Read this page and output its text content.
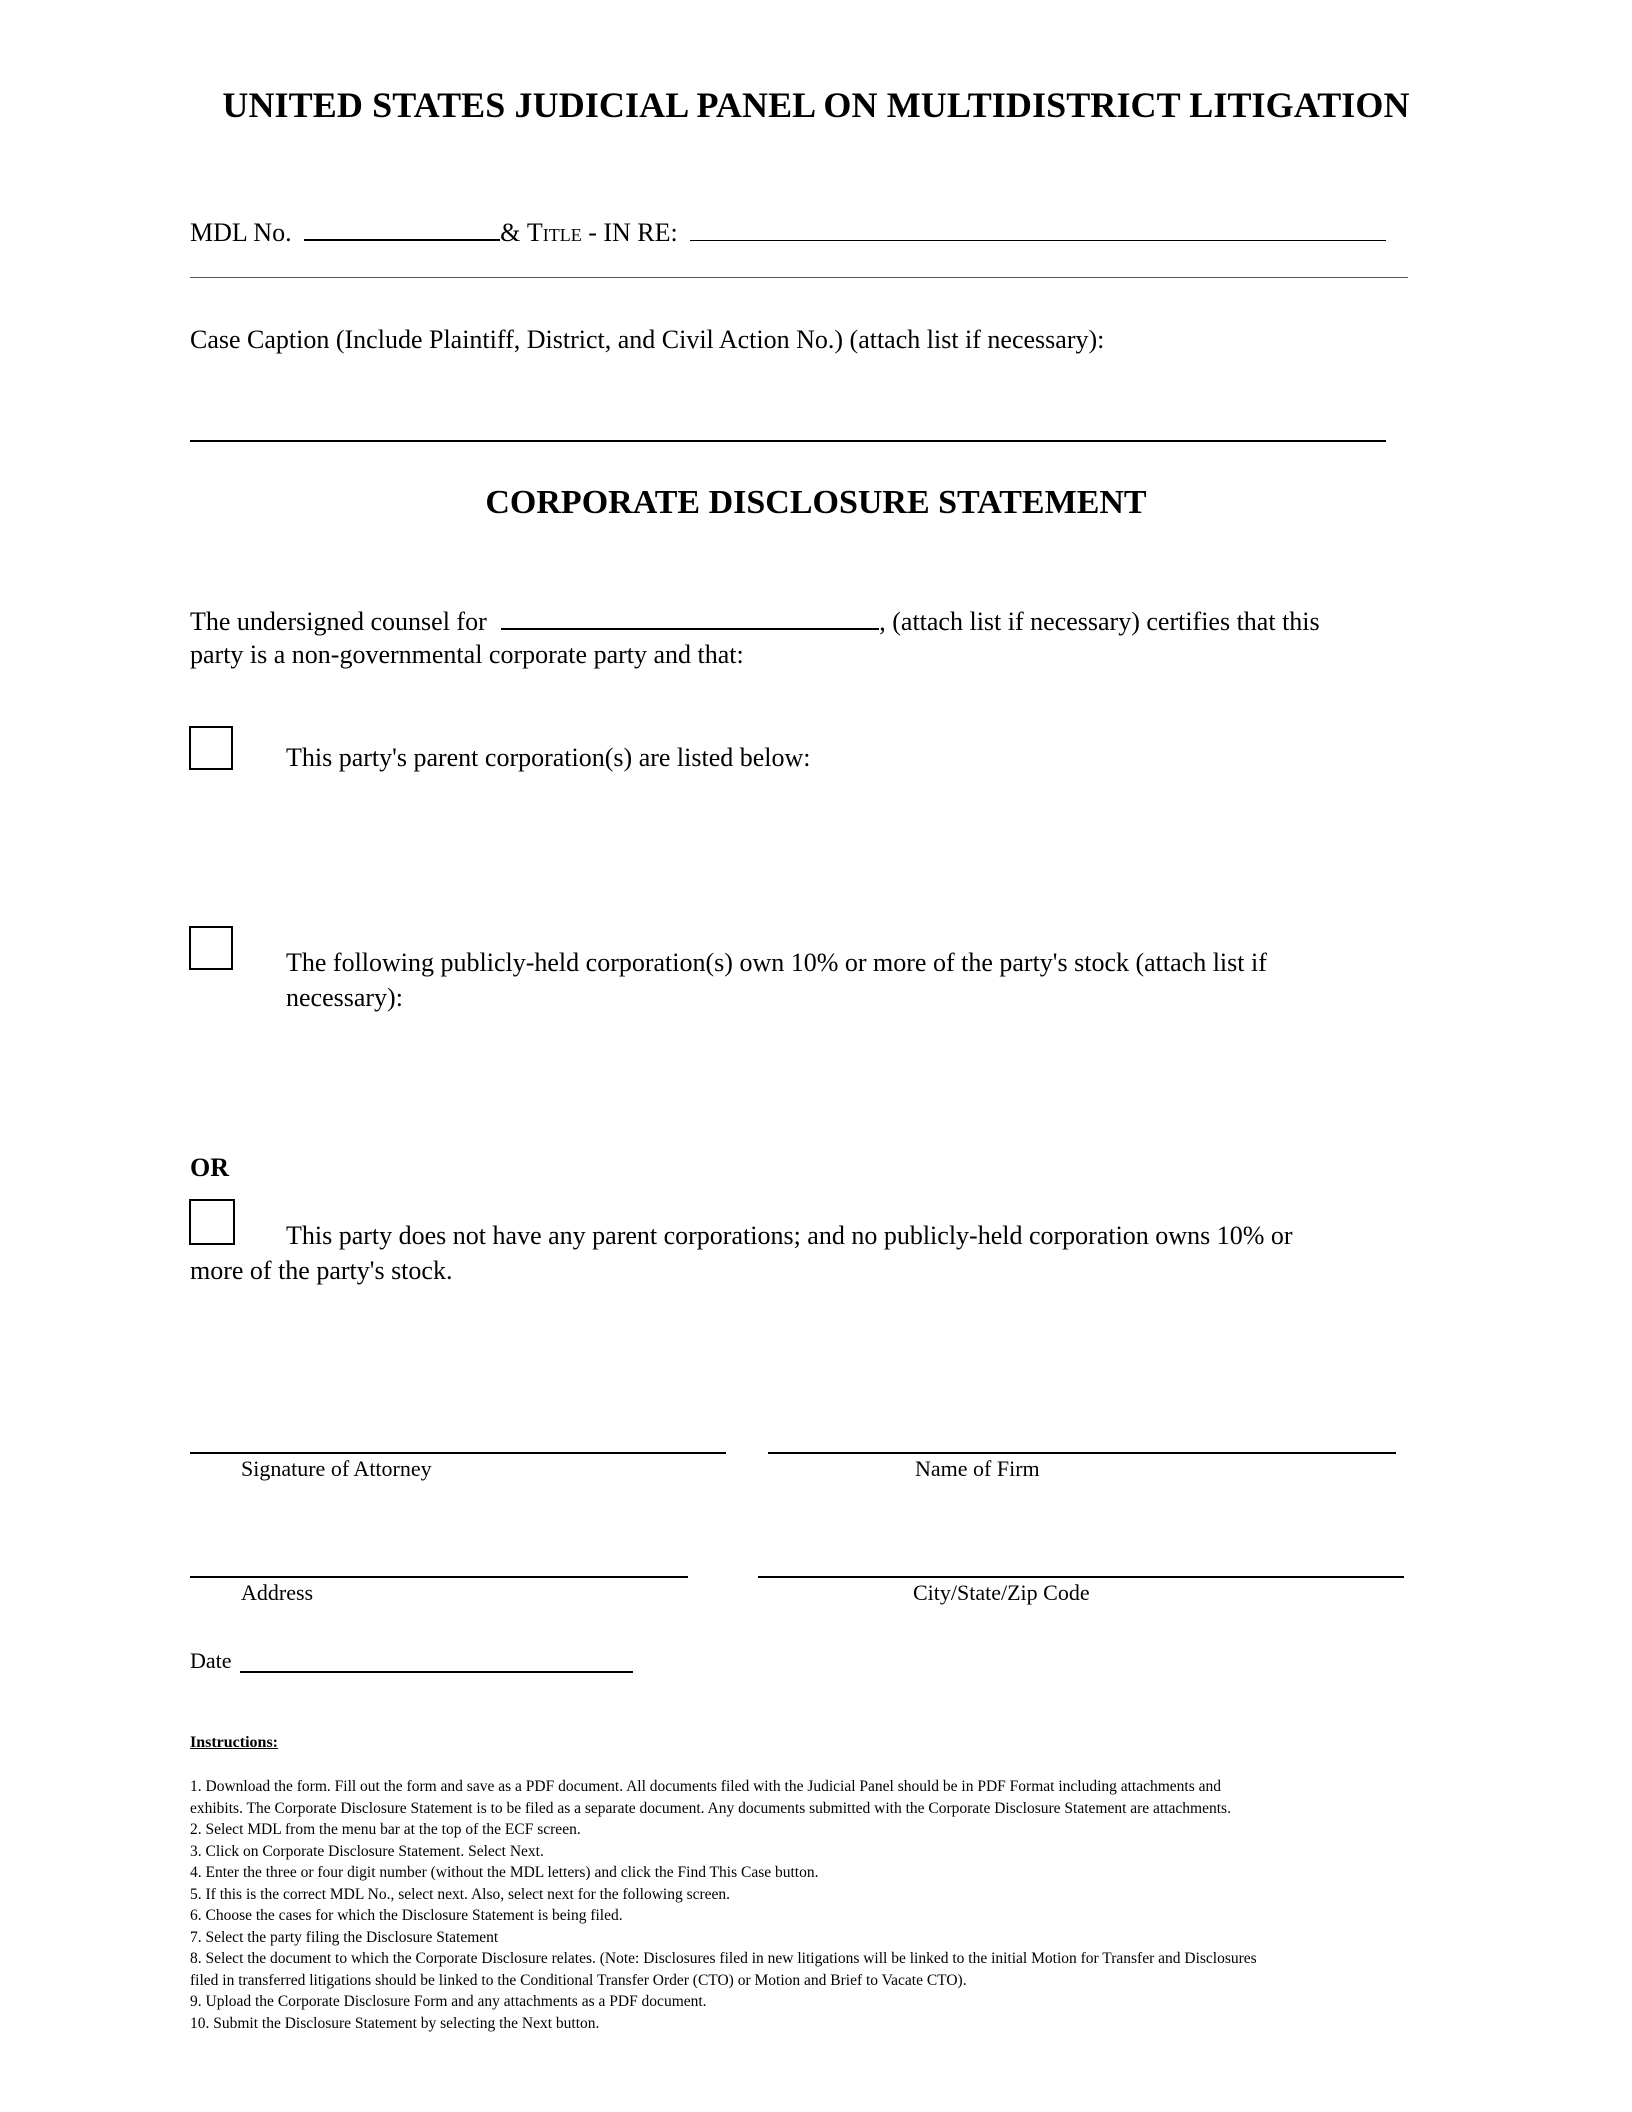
UNITED STATES JUDICIAL PANEL ON MULTIDISTRICT LITIGATION
MDL No.	& Title - IN RE:
Case Caption (Include Plaintiff, District, and Civil Action No.) (attach list if necessary):
CORPORATE DISCLOSURE STATEMENT
The undersigned counsel for	, (attach list if necessary) certifies that this
party is a non-governmental corporate party and that:
This party's parent corporation(s) are listed below:
The following publicly-held corporation(s) own 10% or more of the party's stock (attach list if
necessary):
OR
This party does not have any parent corporations; and no publicly-held corporation owns 10% or
more of the party's stock.
Signature of Attorney	Name of Firm
Address	City/State/Zip Code
Date
Instructions:
1. Download the form. Fill out the form and save as a PDF document. All documents filed with the Judicial Panel should be in PDF Format including attachments and
exhibits. The Corporate Disclosure Statement is to be filed as a separate document. Any documents submitted with the Corporate Disclosure Statement are attachments.
2. Select MDL from the menu bar at the top of the ECF screen.
3. Click on Corporate Disclosure Statement. Select Next.
4. Enter the three or four digit number (without the MDL letters) and click the Find This Case button.
5. If this is the correct MDL No., select next. Also, select next for the following screen.
6. Choose the cases for which the Disclosure Statement is being filed.
7. Select the party filing the Disclosure Statement
8. Select the document to which the Corporate Disclosure relates. (Note: Disclosures filed in new litigations will be linked to the initial Motion for Transfer and Disclosures
filed in transferred litigations should be linked to the Conditional Transfer Order (CTO) or Motion and Brief to Vacate CTO).
9. Upload the Corporate Disclosure Form and any attachments as a PDF document.
10. Submit the Disclosure Statement by selecting the Next button.
